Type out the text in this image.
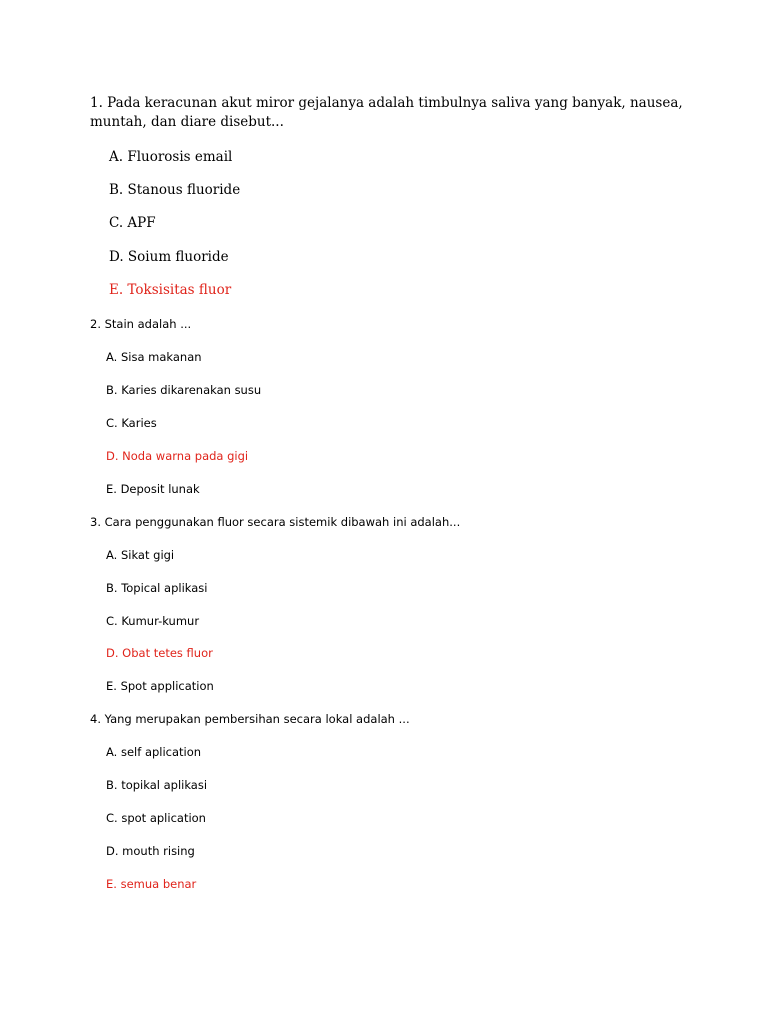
1. Pada keracunan akut miror gejalanya adalah timbulnya saliva yang banyak, nausea, muntah, dan diare disebut...
A. Fluorosis email
B. Stanous fluoride
C. APF
D. Soium fluoride
E. Toksisitas fluor
2. Stain adalah ...
A. Sisa makanan
B. Karies dikarenakan susu
C. Karies
D. Noda warna pada gigi
E. Deposit lunak
3. Cara penggunakan fluor secara sistemik dibawah ini adalah...
A. Sikat gigi
B. Topical aplikasi
C. Kumur-kumur
D. Obat tetes fluor
E. Spot application
4. Yang merupakan pembersihan secara lokal adalah ...
A. self aplication
B. topikal aplikasi
C. spot aplication
D. mouth rising
E. semua benar
